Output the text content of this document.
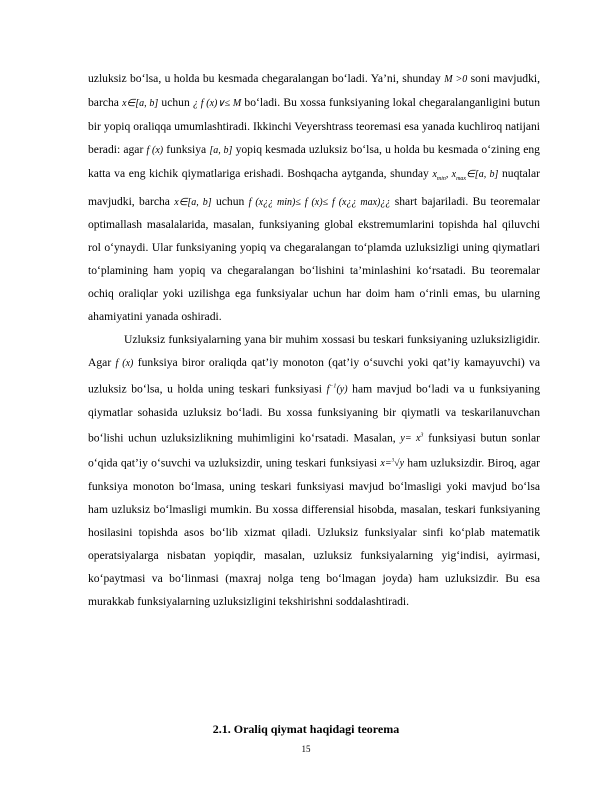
uzluksiz bo‘lsa, u holda bu kesmada chegaralangan bo‘ladi. Ya’ni, shunday M >0 soni mavjudki, barcha x∈[a, b] uchun ¿ f (x)∨≤ M bo‘ladi. Bu xossa funksiyaning lokal chegaralanganligini butun bir yopiq oraliqqa umumlashtiradi. Ikkinchi Veyershtrass teoremasi esa yanada kuchliroq natijani beradi: agar f (x) funksiya [a, b] yopiq kesmada uzluksiz bo‘lsa, u holda bu kesmada o‘zining eng katta va eng kichik qiymatlariga erishadi. Boshqacha aytganda, shunday $x_{min}$, $x_{max}\in[a$, b] nuqtalar mavjudki, barcha x∈[a, b] uchun f (x¿¿ min)≤ f (x)≤ f (x¿¿ max)¿¿ shart bajariladi. Bu teoremalar optimallash masalalarida, masalan, funksiyaning global ekstremumlarini topishda hal qiluvchi rol o‘ynaydi. Ular funksiyaning yopiq va chegaralangan to‘plamda uzluksizligi uning qiymatlari to‘plamining ham yopiq va chegaralangan bo‘lishini ta’minlashini ko‘rsatadi. Bu teoremalar ochiq oraliqlar yoki uzilishga ega funksiyalar uchun har doim ham o‘rinli emas, bu ularning ahamiyatini yanada oshiradi.

Uzluksiz funksiyalarning yana bir muhim xossasi bu teskari funksiyaning uzluksizligidir. Agar f (x) funksiya biror oraliqda qat’iy monoton (qat’iy o‘suvchi yoki qat’iy kamayuvchi) va uzluksiz bo‘lsa, u holda uning teskari funksiyasi $f^{-1}(y)$ ham mavjud bo‘ladi va u funksiyaning qiymatlar sohasida uzluksiz bo‘ladi. Bu xossa funksiyaning bir qiymatli va teskarilanuvchan bo‘lishi uchun uzluksizlikning muhimligini ko‘rsatadi. Masalan, $y= x^3$ funksiyasi butun sonlar o‘qida qat’iy o‘suvchi va uzluksizdir, uning teskari funksiyasi x=$^3$√y ham uzluksizdir. Biroq, agar funksiya monoton bo‘lmasa, uning teskari funksiyasi mavjud bo‘lmasligi yoki mavjud bo‘lsa ham uzluksiz bo‘lmasligi mumkin. Bu xossa differensial hisobda, masalan, teskari funksiyaning hosilasini topishda asos bo‘lib xizmat qiladi. Uzluksiz funksiyalar sinfi ko‘plab matematik operatsiyalarga nisbatan yopiqdir, masalan, uzluksiz funksiyalarning yig‘indisi, ayirmasi, ko‘paytmasi va bo‘linmasi (maxraj nolga teng bo‘lmagan joyda) ham uzluksizdir. Bu esa murakkab funksiyalarning uzluksizligini tekshirishni soddalashtiradi.

2.1. Oraliq qiymat haqidagi teorema
15
